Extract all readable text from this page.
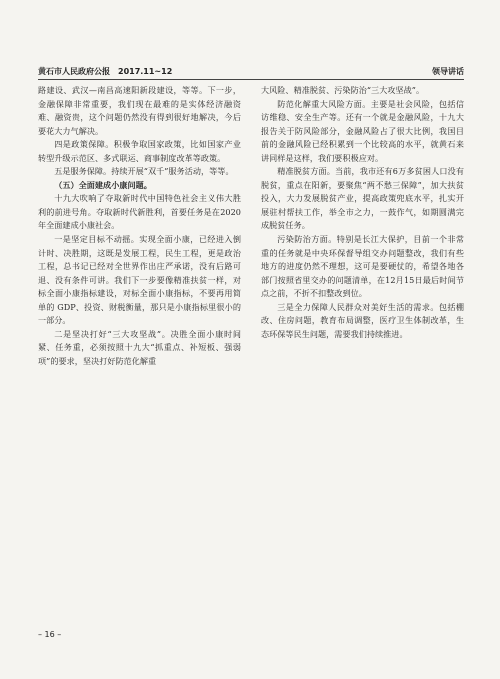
黄石市人民政府公报　2017.11~12	领导讲话

路建设、武汉—南昌高速阳新段建设，等等。下一步，金融保障非常重要，我们现在最难的是实体经济融资难、融资贵，这个问题仍然没有得到很好地解决，今后要花大力气解决。

四是政策保障。积极争取国家政策，比如国家产业转型升级示范区、多式联运、商事制度改革等政策。

五是服务保障。持续开展“双千”服务活动，等等。

（五）全面建成小康问题。

十九大吹响了夺取新时代中国特色社会主义伟大胜利的前进号角。夺取新时代新胜利，首要任务是在2020年全面建成小康社会。

一是坚定目标不动摇。实现全面小康，已经进入倒计时、决胜期，这既是发展工程，民生工程，更是政治工程，总书记已经对全世界作出庄严承诺，没有后路可退、没有条件可讲。我们下一步要像精准扶贫一样，对标全面小康指标建设，对标全面小康指标，不要再用简单的 GDP、投资、财税衡量，那只是小康指标里很小的一部分。

二是坚决打好“三大攻坚战”。决胜全面小康时间紧、任务重，必须按照十九大“抓重点、补短板、强弱项”的要求，坚决打好防范化解重

大风险、精准脱贫、污染防治“三大攻坚战”。

防范化解重大风险方面。主要是社会风险，包括信访维稳、安全生产等。还有一个就是金融风险，十九大报告关于防风险部分，金融风险占了很大比例，我国目前的金融风险已经积累到一个比较高的水平，就黄石来讲同样是这样，我们要积极应对。

精准脱贫方面。当前，我市还有6万多贫困人口没有脱贫，重点在阳新，要聚焦“两不愁三保障”，加大扶贫投入，大力发展脱贫产业，提高政策兜底水平，扎实开展驻村帮扶工作，举全市之力，一鼓作气，如期圆满完成脱贫任务。

污染防治方面。特别是长江大保护，目前一个非常重的任务就是中央环保督导组交办问题整改，我们有些地方的进度仍然不理想，这可是要硬仗的，希望各地各部门按照省里交办的问题清单，在12月15日最后时间节点之前，不折不扣整改到位。

三是全力保障人民群众对美好生活的需求。包括棚改、住房问题，教育布局调整，医疗卫生体制改革，生态环保等民生问题，需要我们持续推进。

– 16 –
